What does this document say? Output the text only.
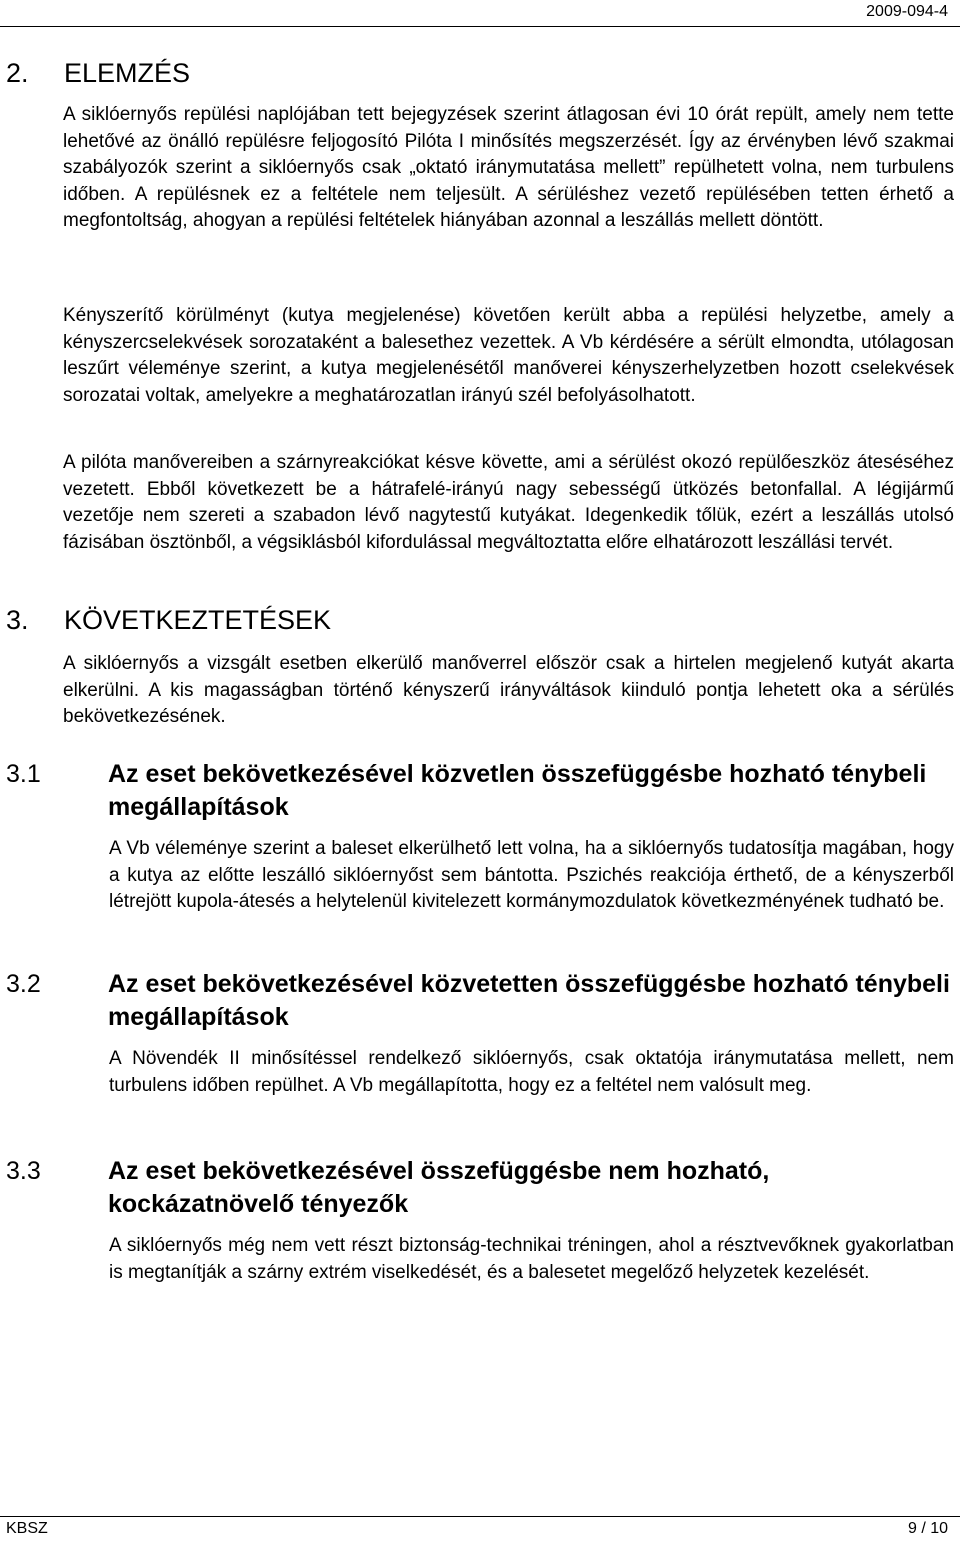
2009-094-4
2. ELEMZÉS

A siklóernyős repülési naplójában tett bejegyzések szerint átlagosan évi 10 órát repült, amely nem tette lehetővé az önálló repülésre feljogosító Pilóta I minősítés megszerzését. Így az érvényben lévő szakmai szabályozók szerint a siklóernyős csak „oktató iránymutatása mellett” repülhetett volna, nem turbulens időben. A repülésnek ez a feltétele nem teljesült. A sérüléshez vezető repülésében tetten érhető a megfontoltság, ahogyan a repülési feltételek hiányában azonnal a leszállás mellett döntött.

Kényszerítő körülményt (kutya megjelenése) követően került abba a repülési helyzetbe, amely a kényszercselekvések sorozataként a balesethez vezettek. A Vb kérdésére a sérült elmondta, utólagosan leszűrt véleménye szerint, a kutya megjelenésétől manőverei kényszerhelyzetben hozott cselekvések sorozatai voltak, amelyekre a meghatározatlan irányú szél befolyásolhatott.

A pilóta manővereiben a szárnyreakciókat késve követte, ami a sérülést okozó repülőeszköz áteséséhez vezetett. Ebből következett be a hátrafelé-irányú nagy sebességű ütközés betonfallal. A légijármű vezetője nem szereti a szabadon lévő nagytestű kutyákat. Idegenkedik tőlük, ezért a leszállás utolsó fázisában ösztönből, a végsiklásból kifordulással megváltoztatta előre elhatározott leszállási tervét.

3. KÖVETKEZTETÉSEK

A siklóernyős a vizsgált esetben elkerülő manőverrel először csak a hirtelen megjelenő kutyát akarta elkerülni. A kis magasságban történő kényszerű irányváltások kiinduló pontja lehetett oka a sérülés bekövetkezésének.

3.1	Az eset bekövetkezésével közvetlen összefüggésbe hozható ténybeli megállapítások

A Vb véleménye szerint a baleset elkerülhető lett volna, ha a siklóernyős tudatosítja magában, hogy a kutya az előtte leszálló siklóernyőst sem bántotta. Pszichés reakciója érthető, de a kényszerből létrejött kupola-átesés a helytelenül kivitelezett kormánymozdulatok következményének tudható be.

3.2	Az eset bekövetkezésével közvetetten összefüggésbe hozható ténybeli megállapítások

A Növendék II minősítéssel rendelkező siklóernyős, csak oktatója iránymutatása mellett, nem turbulens időben repülhet. A Vb megállapította, hogy ez a feltétel nem valósult meg.

3.3	Az eset bekövetkezésével összefüggésbe nem hozható, kockázatnövelő tényezők

A siklóernyős még nem vett részt biztonság-technikai tréningen, ahol a résztvevőknek gyakorlatban is megtanítják a szárny extrém viselkedését, és a balesetet megelőző helyzetek kezelését.

KBSZ	9 / 10
